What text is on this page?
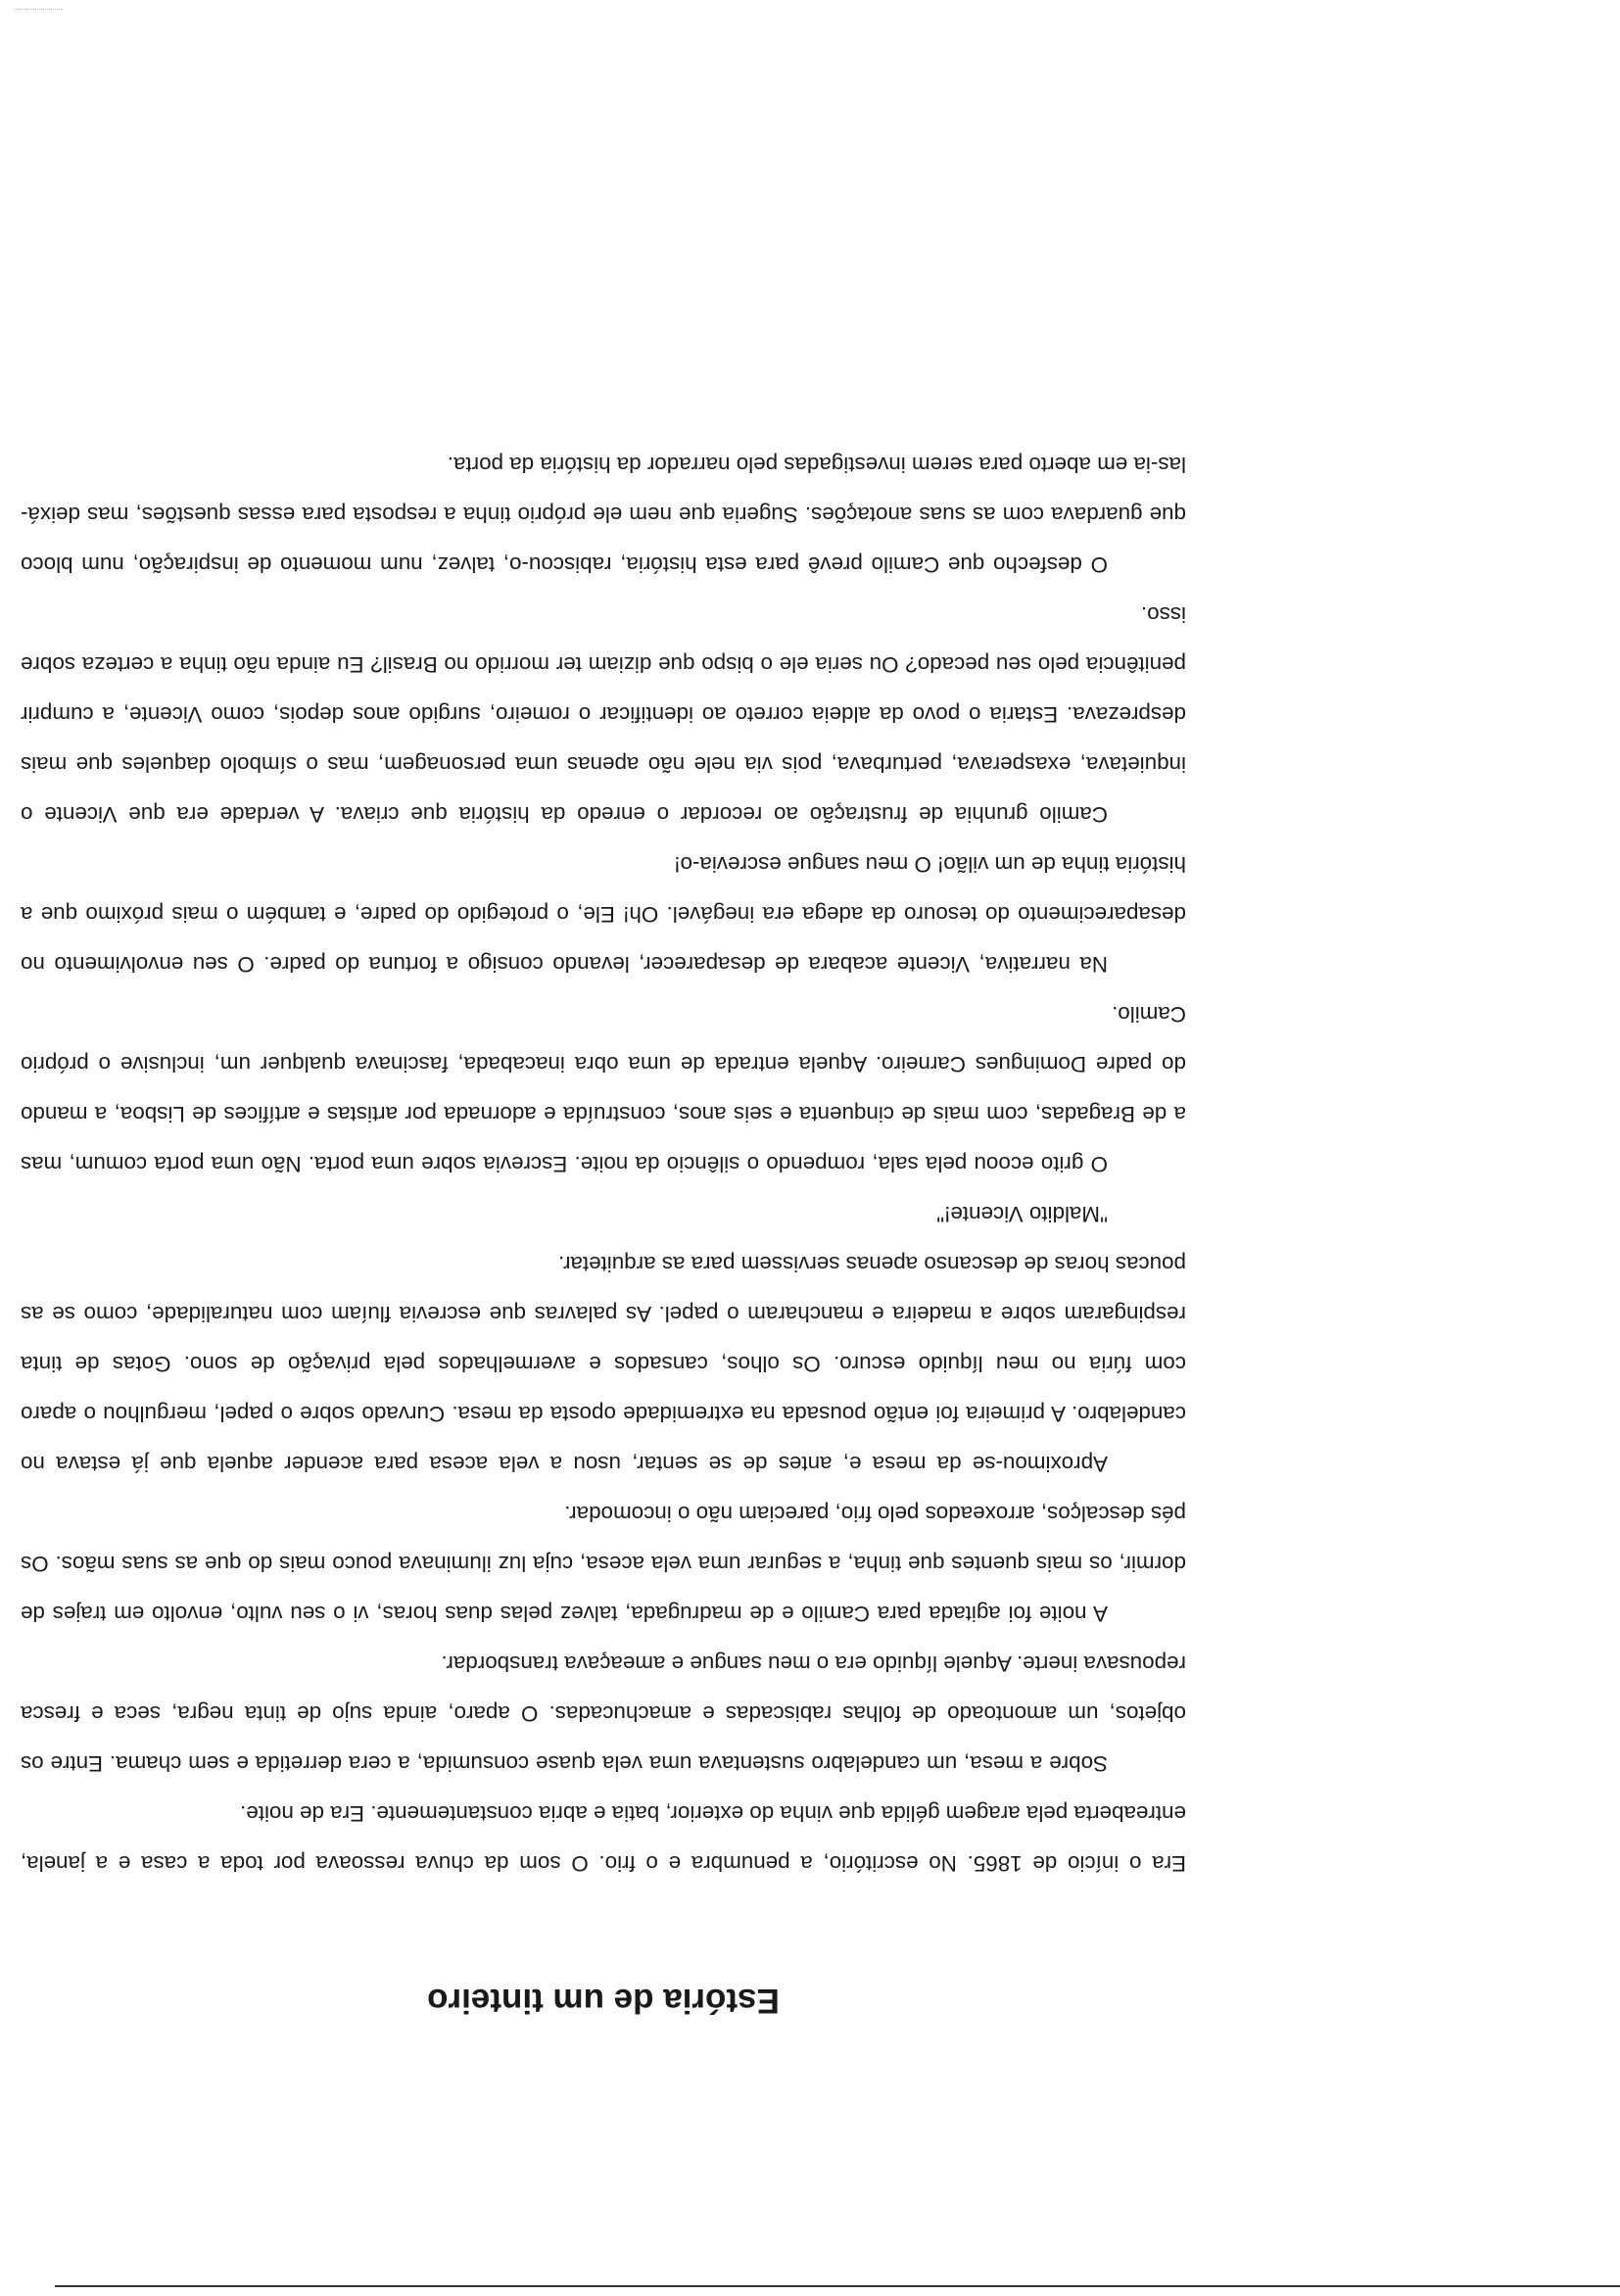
Estória de um tinteiro

Era o início de 1865. No escritório, a penumbra e o frio. O som da chuva ressoava por toda a casa e a janela, entreaberta pela aragem gélida que vinha do exterior, batia e abria constantemente. Era de noite.

Sobre a mesa, um candelabro sustentava uma vela quase consumida, a cera derretida e sem chama. Entre os objetos, um amontoado de folhas rabiscadas e amachucadas. O aparo, ainda sujo de tinta negra, seca e fresca repousava inerte. Aquele líquido era o meu sangue e ameaçava transbordar.

A noite foi agitada para Camilo e de madrugada, talvez pelas duas horas, vi o seu vulto, envolto em trajes de dormir, os mais quentes que tinha, a segurar uma vela acesa, cuja luz iluminava pouco mais do que as suas mãos. Os pés descalços, arroxeados pelo frio, pareciam não o incomodar.

Aproximou-se da mesa e, antes de se sentar, usou a vela acesa para acender aquela que já estava no candelabro. A primeira foi então pousada na extremidade oposta da mesa. Curvado sobre o papel, mergulhou o aparo com fúria no meu líquido escuro. Os olhos, cansados e avermelhados pela privação de sono. Gotas de tinta respingaram sobre a madeira e mancharam o papel. As palavras que escrevia fluíam com naturalidade, como se as poucas horas de descanso apenas servissem para as arquitetar.

"Maldito Vicente!"

O grito ecoou pela sala, rompendo o silêncio da noite. Escrevia sobre uma porta. Não uma porta comum, mas a de Bragadas, com mais de cinquenta e seis anos, construída e adornada por artistas e artífices de Lisboa, a mando do padre Domingues Carneiro. Aquela entrada de uma obra inacabada, fascinava qualquer um, inclusive o próprio Camilo.

Na narrativa, Vicente acabara de desaparecer, levando consigo a fortuna do padre. O seu envolvimento no desaparecimento do tesouro da adega era inegável. Oh! Ele, o protegido do padre, e também o mais próximo que a história tinha de um vilão! O meu sangue escrevia-o!

Camilo grunhia de frustração ao recordar o enredo da história que criava. A verdade era que Vicente o inquietava, exasperava, perturbava, pois via nele não apenas uma personagem, mas o símbolo daqueles que mais desprezava. Estaria o povo da aldeia correto ao identificar o romeiro, surgido anos depois, como Vicente, a cumprir penitência pelo seu pecado? Ou seria ele o bispo que diziam ter morrido no Brasil? Eu ainda não tinha a certeza sobre isso.

O desfecho que Camilo prevê para esta história, rabiscou-o, talvez, num momento de inspiração, num bloco que guardava com as suas anotações. Sugeria que nem ele próprio tinha a resposta para essas questões, mas deixá-las-ia em aberto para serem investigadas pelo narrador da história da porta.
